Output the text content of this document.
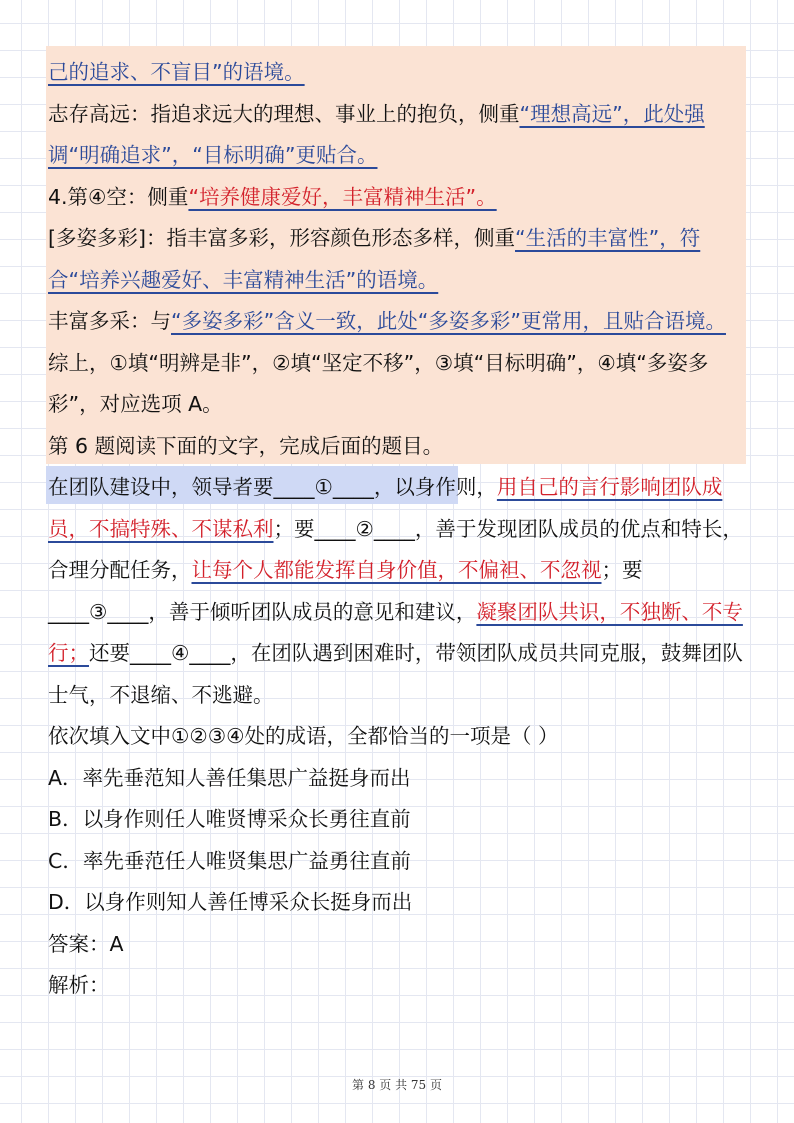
己的追求、不盲目”的语境。

志存高远：指追求远大的理想、事业上的抱负，侧重“理想高远”，此处强调“明确追求”，“目标明确”更贴合。

4.第④空：侧重“培养健康爱好，丰富精神生活”。

[多姿多彩]：指丰富多彩，形容颜色形态多样，侧重“生活的丰富性”，符合“培养兴趣爱好、丰富精神生活”的语境。

丰富多采：与“多姿多彩”含义一致，此处“多姿多彩”更常用，且贴合语境。

综上，①填“明辨是非”，②填“坚定不移”，③填“目标明确”，④填“多姿多彩”，对应选项 A。

第 6 题阅读下面的文字，完成后面的题目。

在团队建设中，领导者要____①____，以身作则，用自己的言行影响团队成员，不搞特殊、不谋私利；要____②____，善于发现团队成员的优点和特长，合理分配任务，让每个人都能发挥自身价值，不偏袒、不忽视；要____③____，善于倾听团队成员的意见和建议，凝聚团队共识，不独断、不专行；还要____④____，在团队遇到困难时，带领团队成员共同克服，鼓舞团队士气，不退缩、不逃避。

依次填入文中①②③④处的成语，全都恰当的一项是（ ）

A．率先垂范知人善任集思广益挺身而出

B．以身作则任人唯贤博采众长勇往直前

C．率先垂范任人唯贤集思广益勇往直前

D．以身作则知人善任博采众长挺身而出

答案：A

解析：

第 8 页 共 75 页
